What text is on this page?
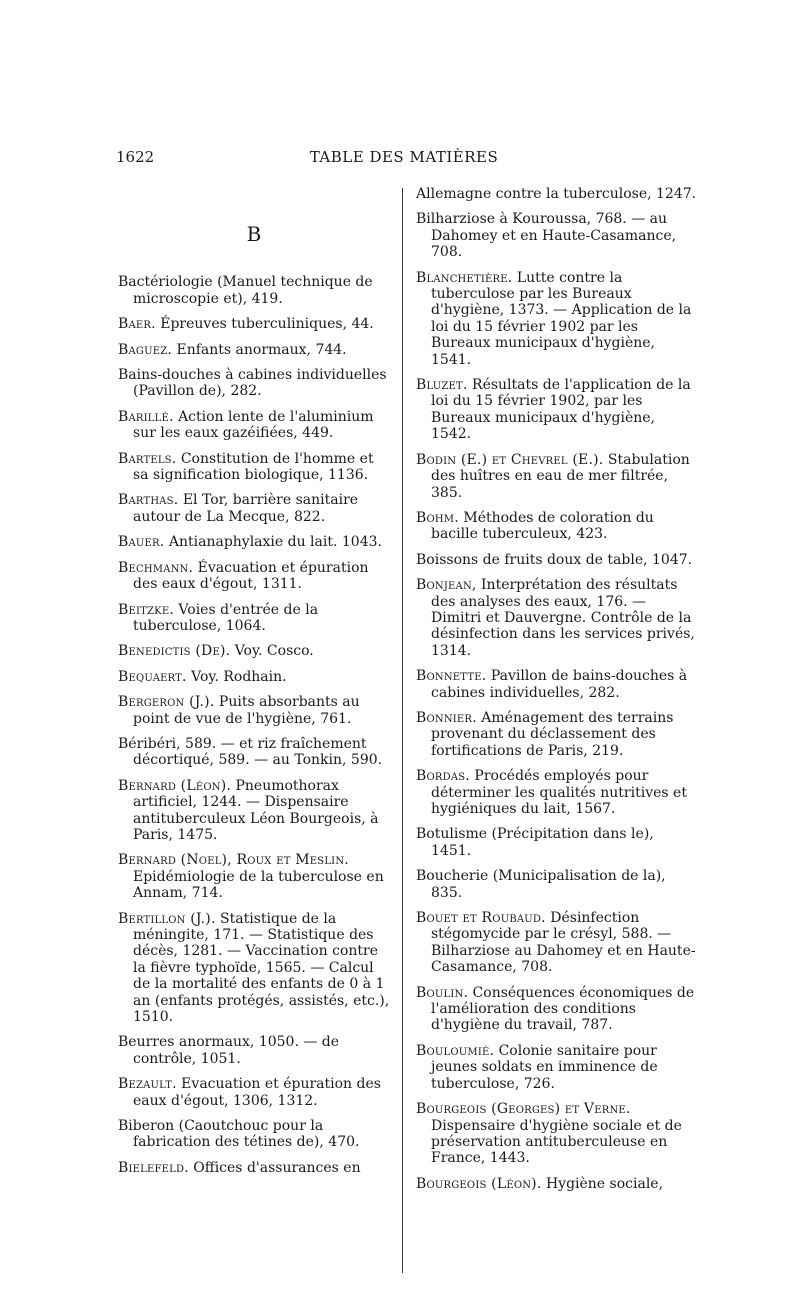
1622	TABLE DES MATIÈRES
B

Bactériologie (Manuel technique de microscopie et), 419.

Baer. Épreuves tuberculiniques, 44.

Baguez. Enfants anormaux, 744.

Bains-douches à cabines individuelles (Pavillon de), 282.

Barillé. Action lente de l'aluminium sur les eaux gazéifiées, 449.

Bartels. Constitution de l'homme et sa signification biologique, 1136.

Barthas. El Tor, barrière sanitaire autour de La Mecque, 822.

Bauer. Antianaphylaxie du lait. 1043.

Bechmann. Évacuation et épuration des eaux d'égout, 1311.

Beitzke. Voies d'entrée de la tuberculose, 1064.

Benedictis (De). Voy. Cosco.

Bequaert. Voy. Rodhain.

Bergeron (J.). Puits absorbants au point de vue de l'hygiène, 761.

Béribéri, 589. — et riz fraîchement décortiqué, 589. — au Tonkin, 590.

Bernard (Léon). Pneumothorax artificiel, 1244. — Dispensaire antituberculeux Léon Bourgeois, à Paris, 1475.

Bernard (Noel), Roux et Meslin. Epidémiologie de la tuberculose en Annam, 714.

Bertillon (J.). Statistique de la méningite, 171. — Statistique des décès, 1281. — Vaccination contre la fièvre typhoïde, 1565. — Calcul de la mortalité des enfants de 0 à 1 an (enfants protégés, assistés, etc.), 1510.

Beurres anormaux, 1050. — de contrôle, 1051.

Bezault. Evacuation et épuration des eaux d'égout, 1306, 1312.

Biberon (Caoutchouc pour la fabrication des tétines de), 470.

Bielefeld. Offices d'assurances en

Allemagne contre la tuberculose, 1247.

Bilharziose à Kouroussa, 768. — au Dahomey et en Haute-Casamance, 708.

Blanchetière. Lutte contre la tuberculose par les Bureaux d'hygiène, 1373. — Application de la loi du 15 février 1902 par les Bureaux municipaux d'hygiène, 1541.

Bluzet. Résultats de l'application de la loi du 15 février 1902, par les Bureaux municipaux d'hygiène, 1542.

Bodin (E.) et Chevrel (E.). Stabulation des huîtres en eau de mer filtrée, 385.

Bohm. Méthodes de coloration du bacille tuberculeux, 423.

Boissons de fruits doux de table, 1047.

Bonjean, Interprétation des résultats des analyses des eaux, 176. — Dimitri et Dauvergne. Contrôle de la désinfection dans les services privés, 1314.

Bonnette. Pavillon de bains-douches à cabines individuelles, 282.

Bonnier. Aménagement des terrains provenant du déclassement des fortifications de Paris, 219.

Bordas. Procédés employés pour déterminer les qualités nutritives et hygiéniques du lait, 1567.

Botulisme (Précipitation dans le), 1451.

Boucherie (Municipalisation de la), 835.

Bouet et Roubaud. Désinfection stégomycide par le crésyl, 588. — Bilharziose au Dahomey et en Haute-Casamance, 708.

Boulin. Conséquences économiques de l'amélioration des conditions d'hygiène du travail, 787.

Bouloumié. Colonie sanitaire pour jeunes soldats en imminence de tuberculose, 726.

Bourgeois (Georges) et Verne. Dispensaire d'hygiène sociale et de préservation antituberculeuse en France, 1443.

Bourgeois (Léon). Hygiène sociale,
